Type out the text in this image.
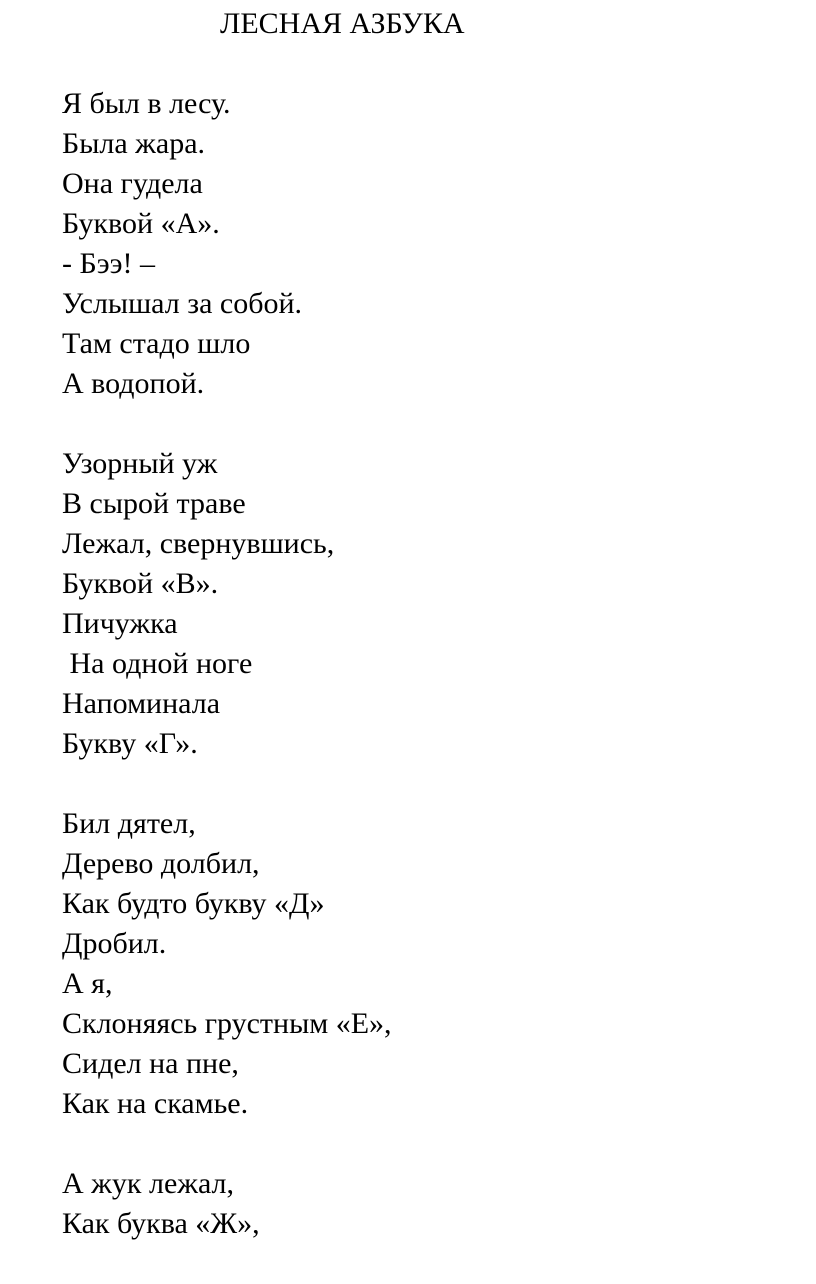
ЛЕСНАЯ АЗБУКА
Я был в лесу.
Была жара.
Она гудела
Буквой «А».
- Бээ! –
Услышал за собой.
Там стадо шло
А водопой.
Узорный уж
В сырой траве
Лежал, свернувшись,
Буквой «В».
Пичужка
На одной ноге
Напоминала
Букву «Г».
Бил дятел,
Дерево долбил,
Как будто букву «Д»
Дробил.
А я,
Склоняясь грустным «Е»,
Сидел на пне,
Как на скамье.
А жук лежал,
Как буква «Ж»,
